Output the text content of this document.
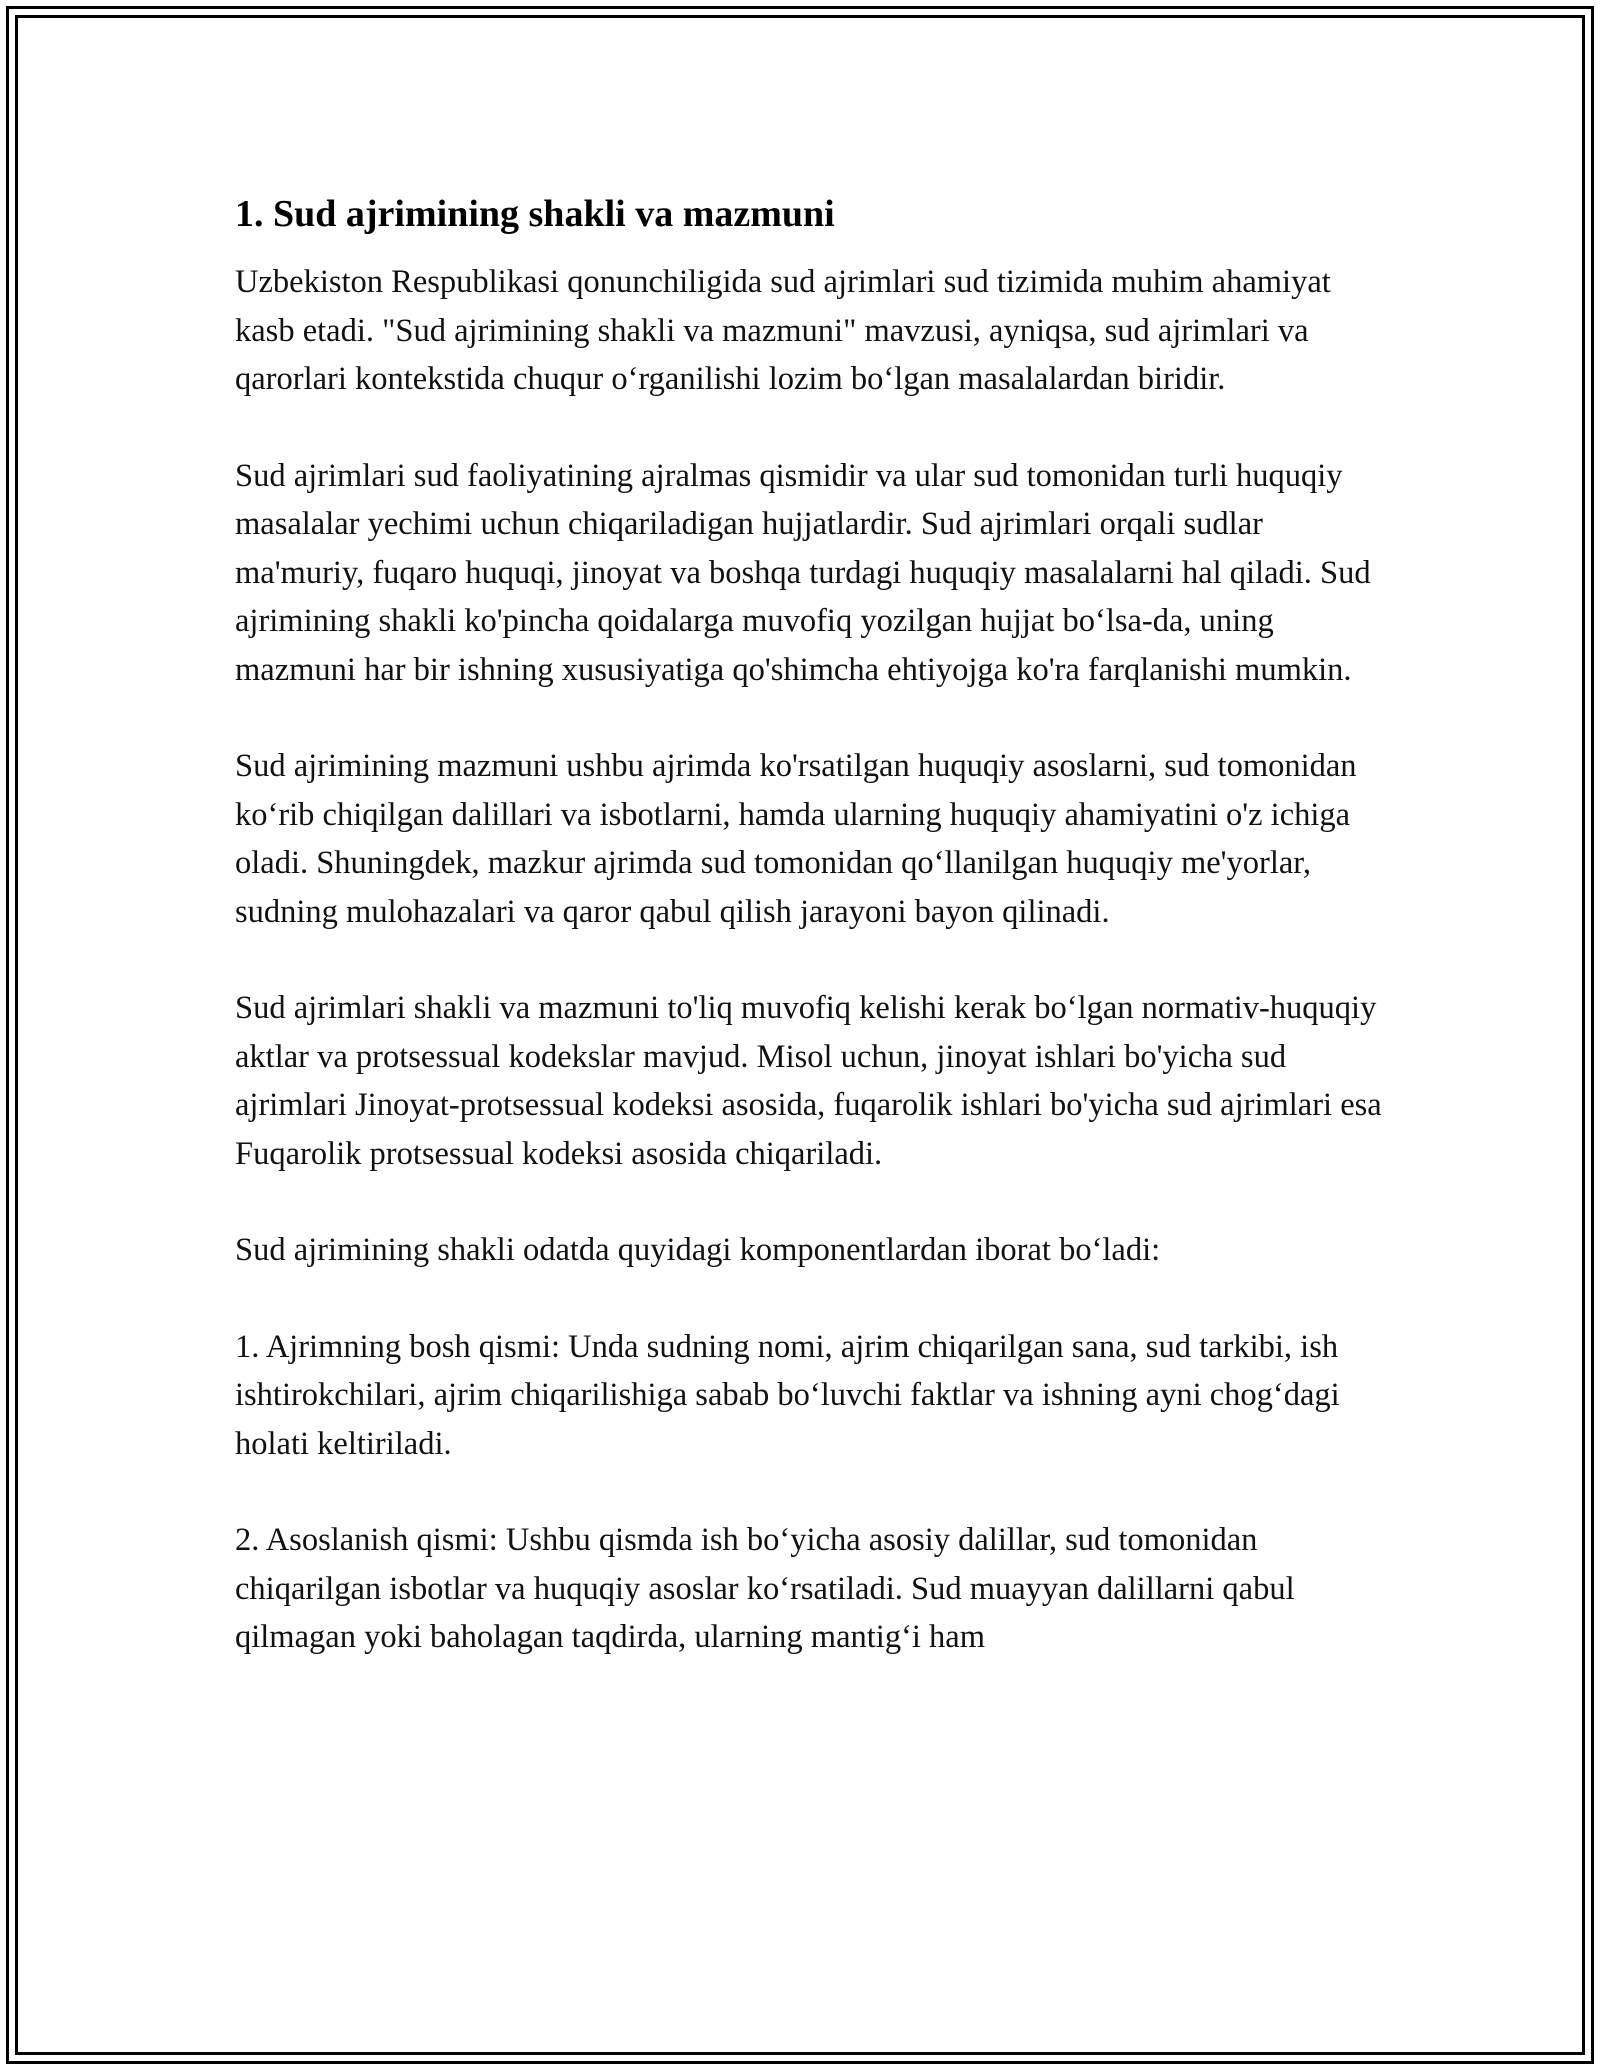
1. Sud ajrimining shakli va mazmuni

Uzbekiston Respublikasi qonunchiligida sud ajrimlari sud tizimida muhim ahamiyat kasb etadi. "Sud ajrimining shakli va mazmuni" mavzusi, ayniqsa, sud ajrimlari va qarorlari kontekstida chuqur o‘rganilishi lozim bo‘lgan masalalardan biridir.

Sud ajrimlari sud faoliyatining ajralmas qismidir va ular sud tomonidan turli huquqiy masalalar yechimi uchun chiqariladigan hujjatlardir. Sud ajrimlari orqali sudlar ma'muriy, fuqaro huquqi, jinoyat va boshqa turdagi huquqiy masalalarni hal qiladi. Sud ajrimining shakli ko'pincha qoidalarga muvofiq yozilgan hujjat bo‘lsa-da, uning mazmuni har bir ishning xususiyatiga qo'shimcha ehtiyojga ko'ra farqlanishi mumkin.

Sud ajrimining mazmuni ushbu ajrimda ko'rsatilgan huquqiy asoslarni, sud tomonidan ko‘rib chiqilgan dalillari va isbotlarni, hamda ularning huquqiy ahamiyatini o'z ichiga oladi. Shuningdek, mazkur ajrimda sud tomonidan qo‘llanilgan huquqiy me'yorlar, sudning mulohazalari va qaror qabul qilish jarayoni bayon qilinadi.

Sud ajrimlari shakli va mazmuni to'liq muvofiq kelishi kerak bo‘lgan normativ-huquqiy aktlar va protsessual kodekslar mavjud. Misol uchun, jinoyat ishlari bo'yicha sud ajrimlari Jinoyat-protsessual kodeksi asosida, fuqarolik ishlari bo'yicha sud ajrimlari esa Fuqarolik protsessual kodeksi asosida chiqariladi.

Sud ajrimining shakli odatda quyidagi komponentlardan iborat bo‘ladi:

1. Ajrimning bosh qismi: Unda sudning nomi, ajrim chiqarilgan sana, sud tarkibi, ish ishtirokchilari, ajrim chiqarilishiga sabab bo‘luvchi faktlar va ishning ayni chog‘dagi holati keltiriladi.

2. Asoslanish qismi: Ushbu qismda ish bo‘yicha asosiy dalillar, sud tomonidan chiqarilgan isbotlar va huquqiy asoslar ko‘rsatiladi. Sud muayyan dalillarni qabul qilmagan yoki baholagan taqdirda, ularning mantig‘i ham
